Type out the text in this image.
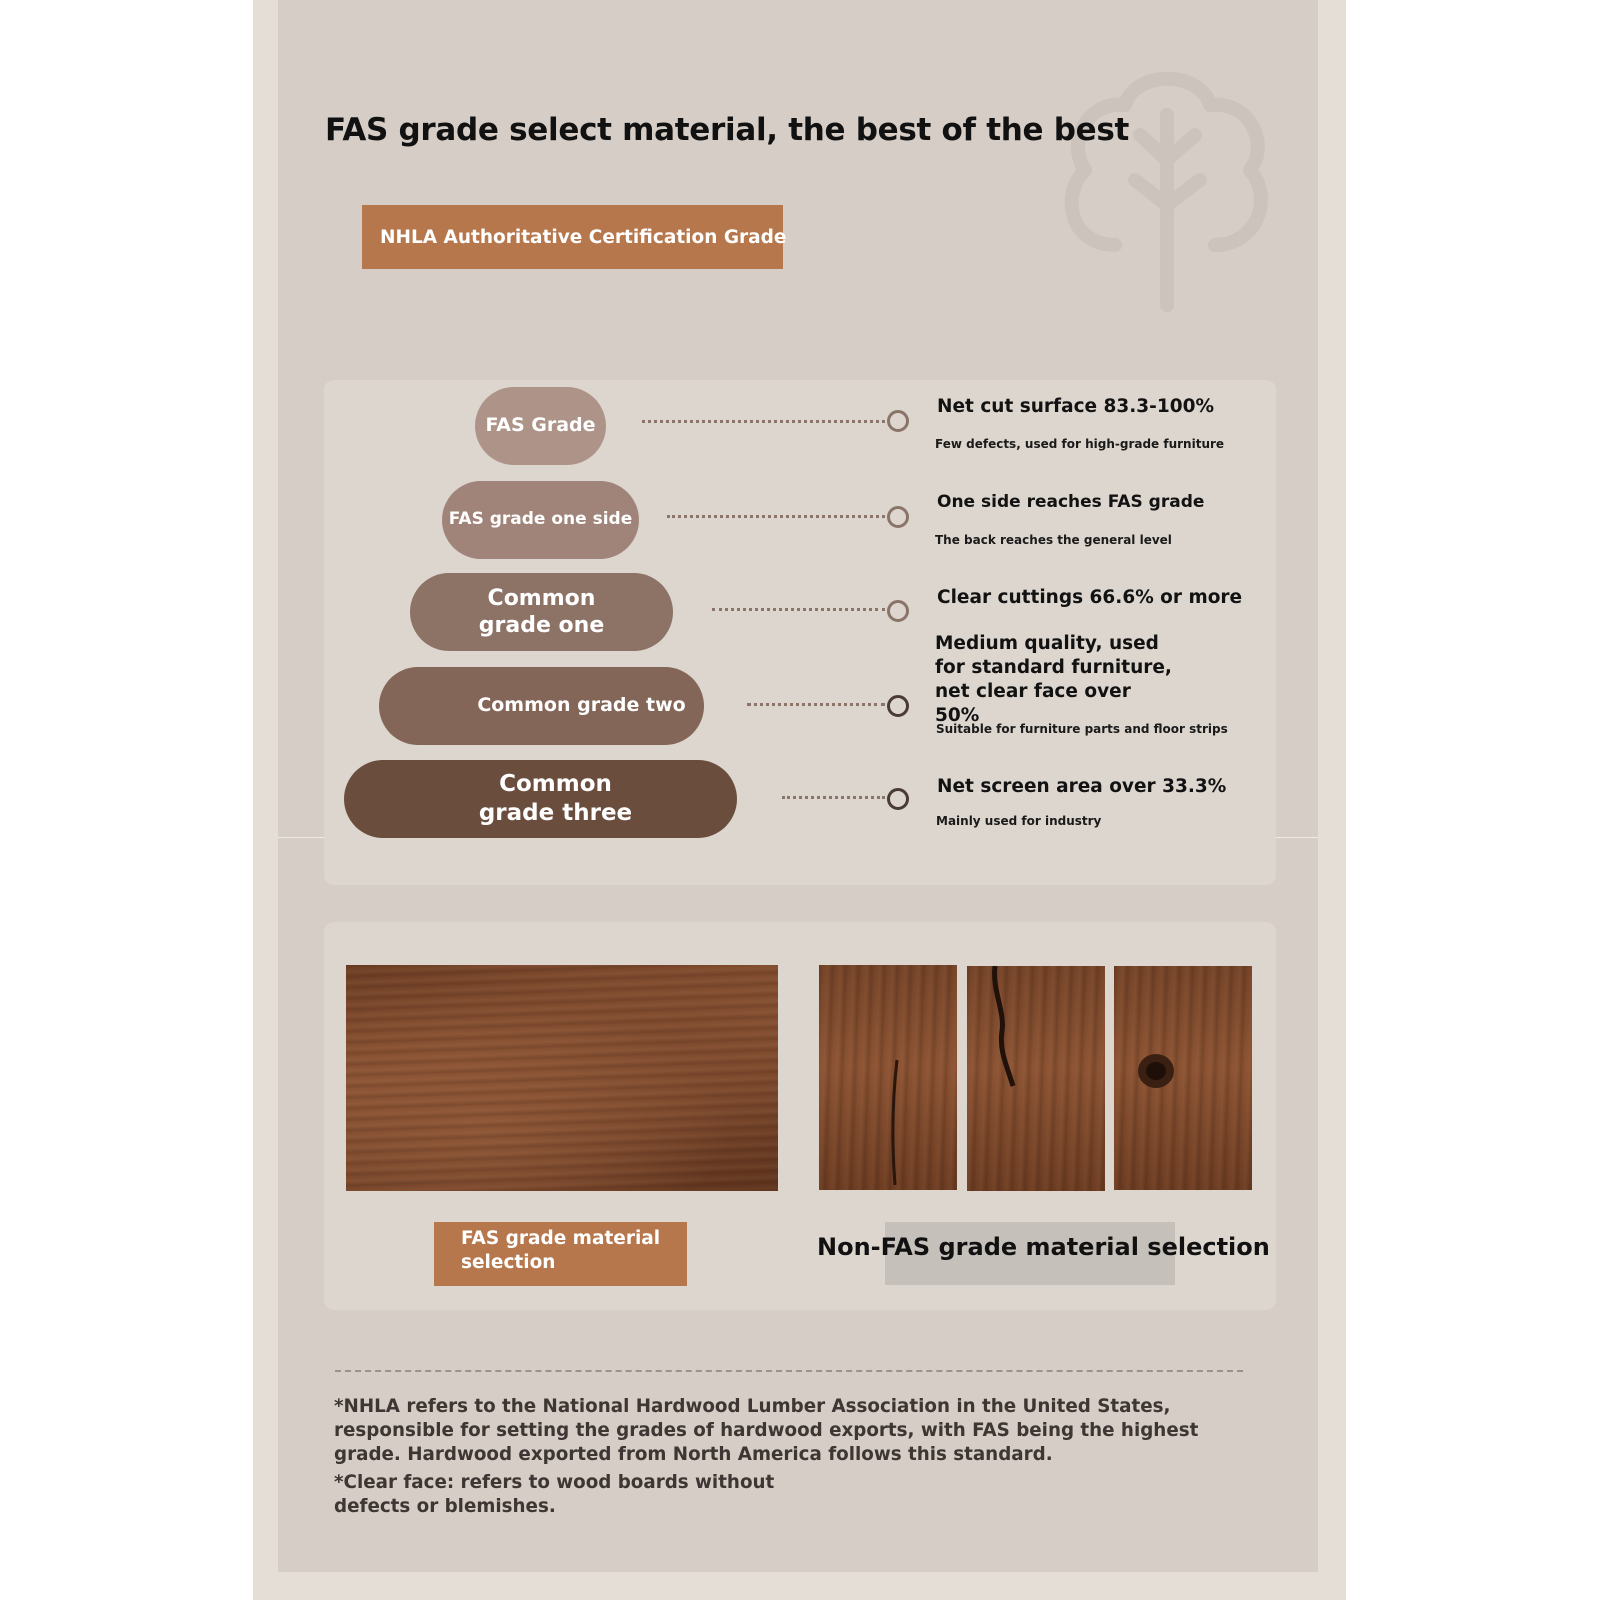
FAS grade select material, the best of the best
NHLA Authoritative Certification Grade
FAS Grade
Net cut surface 83.3-100%
Few defects, used for high-grade furniture
FAS grade one side
One side reaches FAS grade
The back reaches the general level
Common grade one
Clear cuttings 66.6% or more
Medium quality, used for standard furniture, net clear face over 50%
Common grade two
Suitable for furniture parts and floor strips
Common grade three
Net screen area over 33.3%
Mainly used for industry
FAS grade material selection
Non-FAS grade material selection
*NHLA refers to the National Hardwood Lumber Association in the United States, responsible for setting the grades of hardwood exports, with FAS being the highest grade. Hardwood exported from North America follows this standard.
*Clear face: refers to wood boards without defects or blemishes.
